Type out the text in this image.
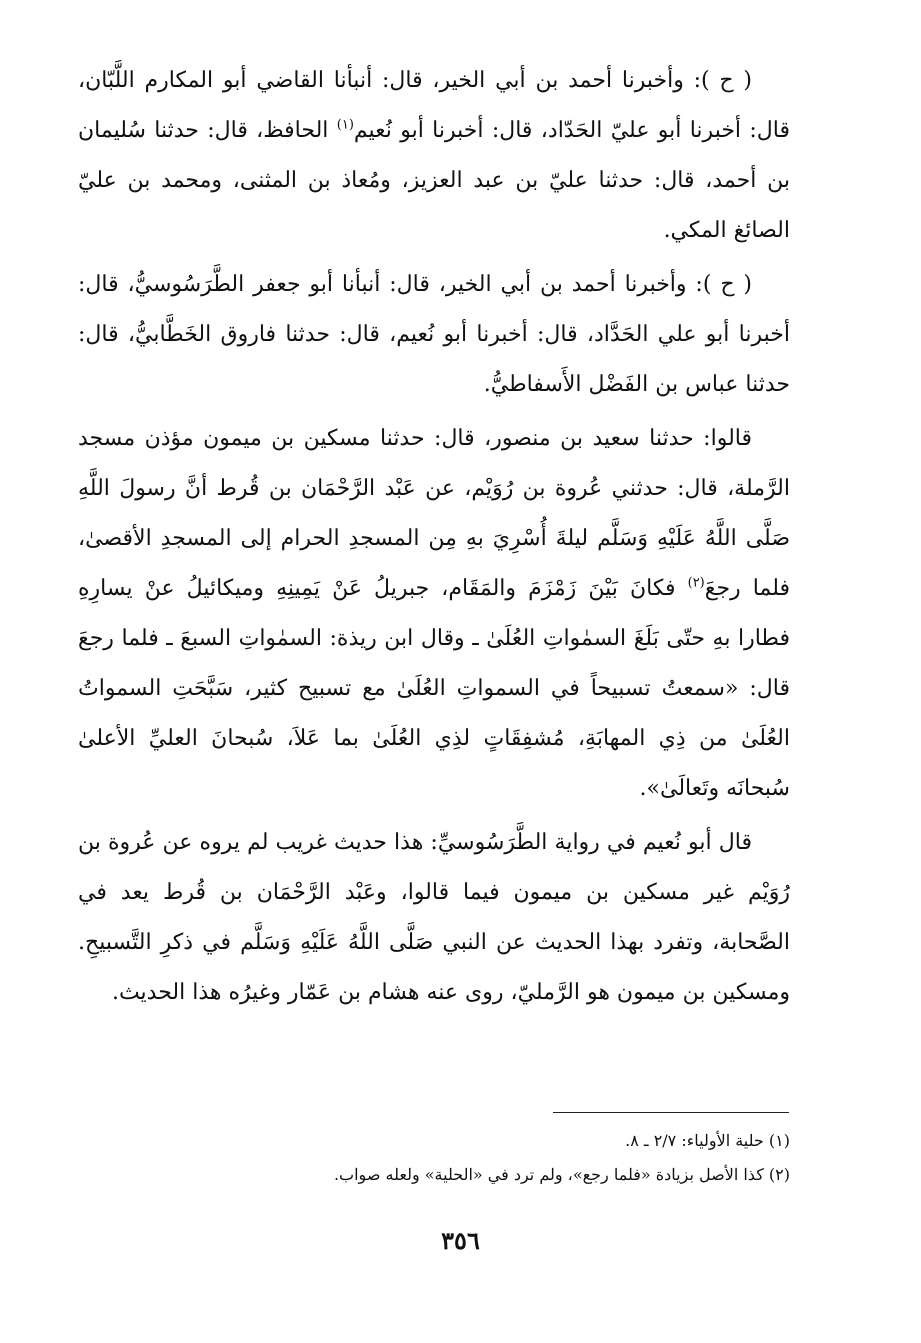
( ح ): وأخبرنا أحمد بن أبي الخير، قال: أنبأنا القاضي أبو المكارم اللَّبّان، قال: أخبرنا أبو عليّ الحَدّاد، قال: أخبرنا أبو نُعيم$^{(١)}$ الحافظ، قال: حدثنا سُليمان بن أحمد، قال: حدثنا عليّ بن عبد العزيز، ومُعاذ بن المثنى، ومحمد بن عليّ الصائغ المكي.

( ح ): وأخبرنا أحمد بن أبي الخير، قال: أنبأنا أبو جعفر الطَّرَسُوسيُّ، قال: أخبرنا أبو علي الحَدَّاد، قال: أخبرنا أبو نُعيم، قال: حدثنا فاروق الخَطَّابيُّ، قال: حدثنا عباس بن الفَضْل الأَسفاطيُّ.

قالوا: حدثنا سعيد بن منصور، قال: حدثنا مسكين بن ميمون مؤذن مسجد الرَّملة، قال: حدثني عُروة بن رُوَيْم، عن عَبْد الرَّحْمَان بن قُرط أنَّ رسولَ اللَّهِ صَلَّى اللَّهُ عَلَيْهِ وَسَلَّم ليلةَ أُسْرِيَ بهِ مِن المسجدِ الحرام إلى المسجدِ الأقصىٰ، فلما رجعَ$^{(٢)}$ فكانَ بَيْنَ زَمْزَمَ والمَقَام، جبريلُ عَنْ يَمِينِهِ وميكائيلُ عنْ يسارِهِ فطارا بهِ حتّى بَلَغَ السمٰواتِ العُلَىٰ ـ وقال ابن ريذة: السمٰواتِ السبعَ ـ فلما رجعَ قال: «سمعتُ تسبيحاً في السمواتِ العُلَىٰ مع تسبيح كثير، سَبَّحَتِ السمواتُ العُلَىٰ من ذِي المهابَةِ، مُشفِقَاتٍ لذِي العُلَىٰ بما عَلاَ، سُبحانَ العليِّ الأعلىٰ سُبحانَه وتَعالَىٰ».

قال أبو نُعيم في رواية الطَّرَسُوسيِّ: هذا حديث غريب لم يروه عن عُروة بن رُوَيْم غير مسكين بن ميمون فيما قالوا، وعَبْد الرَّحْمَان بن قُرط يعد في الصَّحابة، وتفرد بهذا الحديث عن النبي صَلَّى اللَّهُ عَلَيْهِ وَسَلَّم في ذكرِ التَّسبيحِ. ومسكين بن ميمون هو الرَّمليّ، روى عنه هشام بن عَمّار وغيرُه هذا الحديث.

(١) حلية الأولياء: ٢/٧ ـ ٨.

(٢) كذا الأصل بزيادة «فلما رجع»، ولم ترد في «الحلية» ولعله صواب.

٣٥٦
